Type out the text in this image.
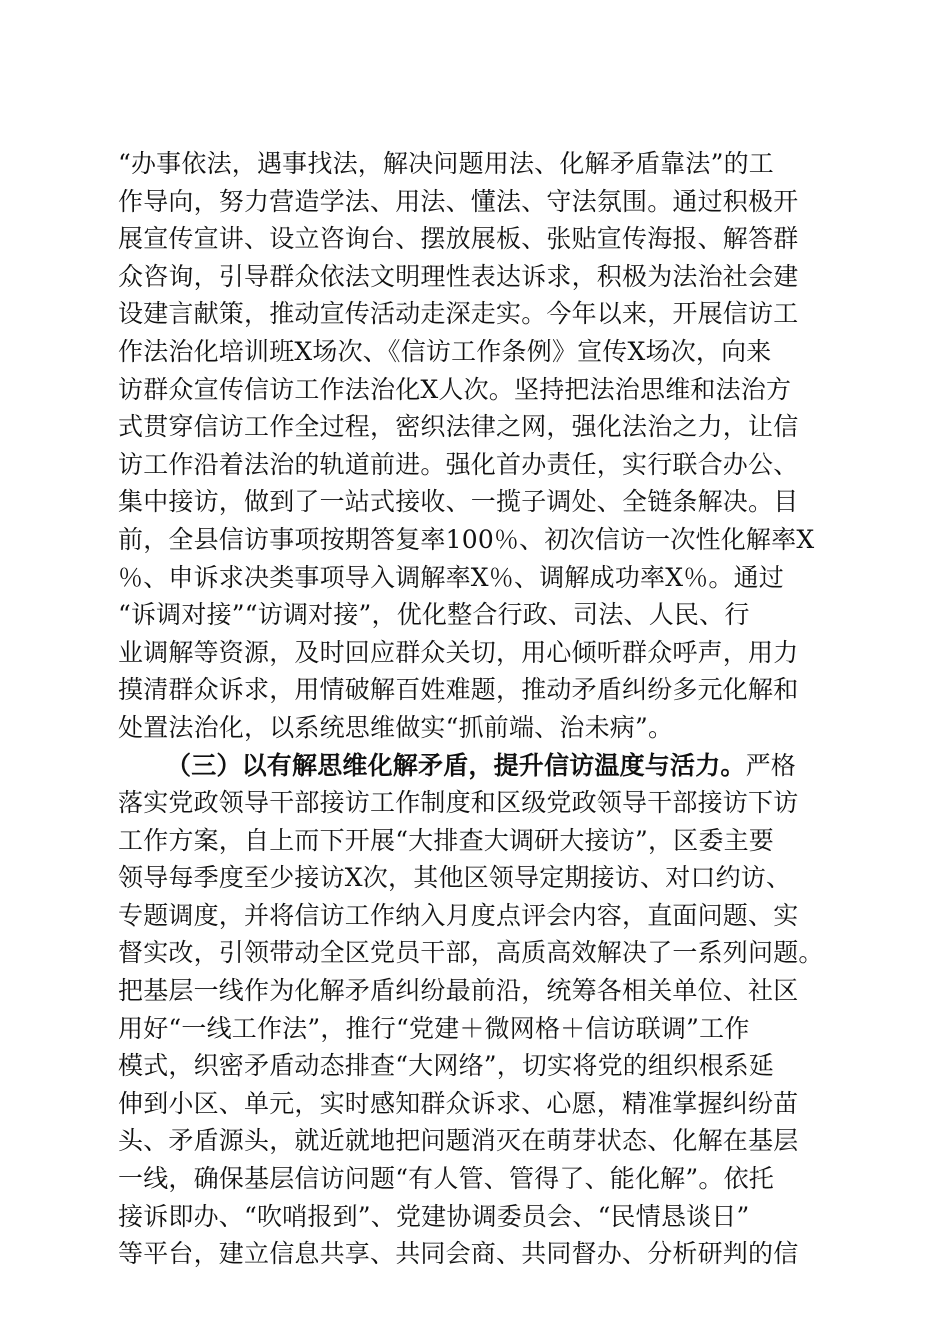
“办事依法，遇事找法，解决问题用法、化解矛盾靠法”的工
作导向，努力营造学法、用法、懂法、守法氛围。通过积极开
展宣传宣讲、设立咨询台、摆放展板、张贴宣传海报、解答群
众咨询，引导群众依法文明理性表达诉求，积极为法治社会建
设建言献策，推动宣传活动走深走实。今年以来，开展信访工
作法治化培训班X场次、《信访工作条例》宣传X场次，向来
访群众宣传信访工作法治化X人次。坚持把法治思维和法治方
式贯穿信访工作全过程，密织法律之网，强化法治之力，让信
访工作沿着法治的轨道前进。强化首办责任，实行联合办公、
集中接访，做到了一站式接收、一揽子调处、全链条解决。目
前，全县信访事项按期答复率100％、初次信访一次性化解率X
％、申诉求决类事项导入调解率X％、调解成功率X％。通过
“诉调对接”“访调对接”，优化整合行政、司法、人民、行
业调解等资源，及时回应群众关切，用心倾听群众呼声，用力
摸清群众诉求，用情破解百姓难题，推动矛盾纠纷多元化解和
处置法治化，以系统思维做实“抓前端、治未病”。
（三）以有解思维化解矛盾，提升信访温度与活力。严格
落实党政领导干部接访工作制度和区级党政领导干部接访下访
工作方案，自上而下开展“大排查大调研大接访”，区委主要
领导每季度至少接访X次，其他区领导定期接访、对口约访、
专题调度，并将信访工作纳入月度点评会内容，直面问题、实
督实改，引领带动全区党员干部，高质高效解决了一系列问题。
把基层一线作为化解矛盾纠纷最前沿，统筹各相关单位、社区
用好“一线工作法”，推行“党建＋微网格＋信访联调”工作
模式，织密矛盾动态排查“大网络”，切实将党的组织根系延
伸到小区、单元，实时感知群众诉求、心愿，精准掌握纠纷苗
头、矛盾源头，就近就地把问题消灭在萌芽状态、化解在基层
一线，确保基层信访问题“有人管、管得了、能化解”。依托
接诉即办、“吹哨报到”、党建协调委员会、“民情恳谈日”
等平台，建立信息共享、共同会商、共同督办、分析研判的信
